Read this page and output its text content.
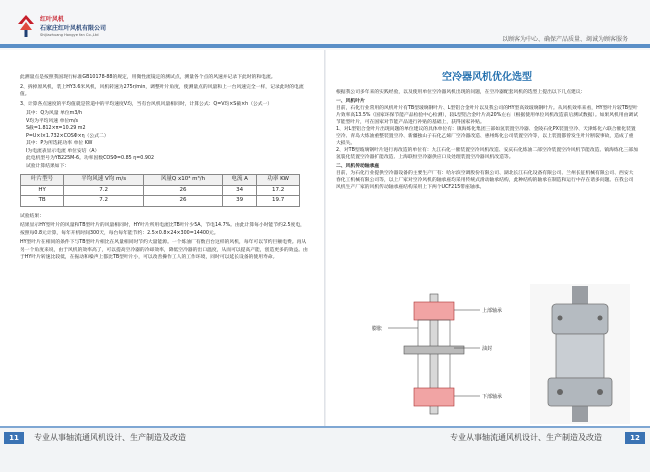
红叶风机
石家庄红叶风机有限公司
Shijiazhuang Hongye fan Co.,Ltd
以顾客为中心、确保产品质量、竭诚为顾客服务

此测量点是按照我国现行标准GB10178-88的规定，用微性流镜定的测试点，测量各个点的风速并记录下此时的和电流。

2、拆掉原风机，装上HY3.6米风机，风机转速为275r/min，调整叶片角度，使测量点的风量和上一台风速完全一样，记录此时的电流值。

3、计算各点速度的平均值就是管道中的平均速度V均，当有台风机风量相同时，计算公式：Q=V均×S截×h（公式一）

其中：Q为风量 单位m3/h
V均为平均风速 单位m/s
S截=1.812×π=10.29 m2
P=U×I×1.732×COSΦ×η（公式二）
其中：P为所选耗功率 单位 KW
I为电流表显示电流 单位安培（A）
此电机型号为YB225M-6。功率因数COSΦ=0.85 η=0.902
试验计算结果如下：
叶片型号	平均风速 V均 m/s	风量Q x10⁴ m³/h	电流 A	功率 KW
HY	7.2	26	34	17.2
TB	7.2	26	39	19.7

试验结果：

结果显示HY型叶片的风量和TB型叶片的风量相同时，HY叶片所用电流比TB叶片少5A，节电14.7%。由此计算每小时能节约2.5度电，按照每0.8元计算，每年开机时间300天，每台每年能节约：2.5×0.8×24×300=14400元。

HY型叶片在相同的条件下与TB型叶片相比在风量相同时节约大量能源。一个炼油厂有数百台这样的风机，每年可以节约巨额电费。再从另一个角度来说，由于风机的效率高了，可以提高空冷器的冷却效率，降低空冷器的出口温度，从而可以提高产能，创造更多的效益。由于HY叶片转速比较低，在振动和噪声上都比TB型叶片小，可以改善操作工人的工作环境，同时可以延长设备的使用寿命。

空冷器风机优化选型
根据我公司多年来的实践经验，以及使用单位空冷器风机出现的问题，在空冷器配套风机的选型上提出以下几点建议：
一、风机叶片
目前，石化行业常用的风机叶片有TB型玻璃钢叶片、L型铝合金叶片以及我公司的HY型高效玻璃钢叶片。从风机效率来看，HY型叶片较TB型叶片效率高13.5%（国家环保节能产品检验中心检测），较L型铝合金叶片高20%左右（根据使用单位风机改造前后测试数据）。如果风机用由调试节能型叶片，可在国家对节能产品进行补贴的基础上，获得国家补贴。
1、对L型铝合金叶片出现问题的单位建议的具体单位有：镇海炼化集团三部如氢装置空冷器、金陵石化PX装置空冷、天津炼化六联合催化装置空冷、青岛大炼油重整装置空冷、新疆独山子石化乙烯厂空冷器改造、惠州炼化公司装置空冷等，以上装置都曾发生叶片断裂事故，造成了重大损失。
2、对TB型玻璃钢叶片进行再改造的单位有：九江石化一催装置空冷风机改造、安庆石化炼油二部空冷装置空冷风机节能改造、镇海炼化三部加氢裂化装置空冷器扩能改造、上海联恒空冷器供应口及处理装置空冷器风机改造等。
二、风机传动轴承座
目前，为石化行业提供空冷器设备的主要生产厂有：哈尔滨空调股份有限公司、湖北长江石化设备有限公司、兰州长征机械有限公司、西安大春化工机械有限公司等，以上厂家对空冷风机的轴承座均采用传统式滑动轴承结构，此种结构的轴承在制造和运行中存在诸多问题。在我公司风机生产厂家的风机传动轴承座结构采用上下两个UCF215带座轴承。
上部轴承
油封
下部轴承
膨胀
11	专业从事轴流通风机设计、生产制造及改造	专业从事轴流通风机设计、生产制造及改造	12
